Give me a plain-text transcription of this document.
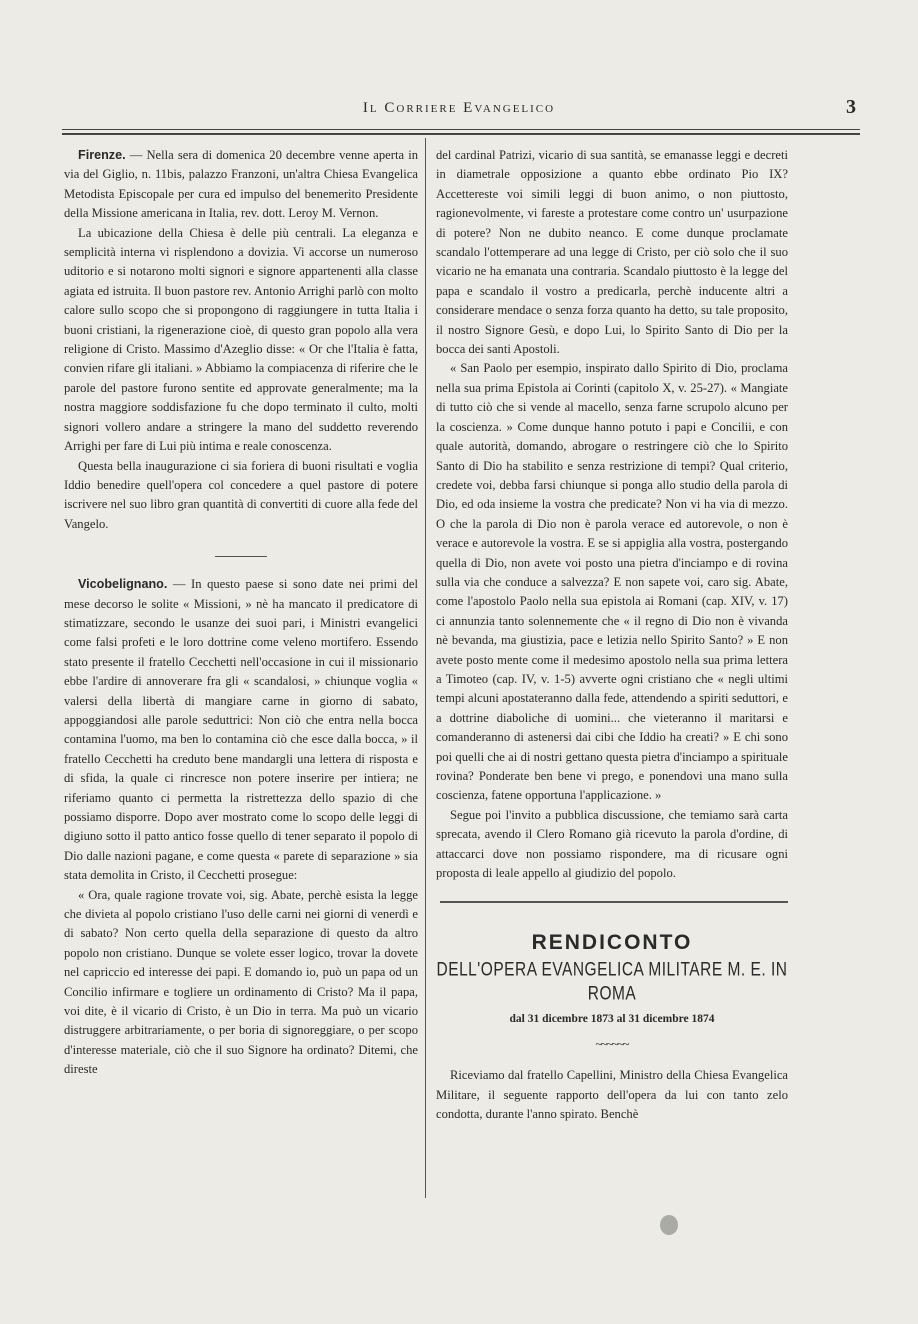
Il Corriere Evangelico	3

Firenze. — Nella sera di domenica 20 decembre venne aperta in via del Giglio, n. 11bis, palazzo Franzoni, un'altra Chiesa Evangelica Metodista Episcopale per cura ed impulso del benemerito Presidente della Missione americana in Italia, rev. dott. Leroy M. Vernon.

La ubicazione della Chiesa è delle più centrali. La eleganza e semplicità interna vi risplendono a dovizia. Vi accorse un numeroso uditorio e si notarono molti signori e signore appartenenti alla classe agiata ed istruita. Il buon pastore rev. Antonio Arrighi parlò con molto calore sullo scopo che si propongono di raggiungere in tutta Italia i buoni cristiani, la rigenerazione cioè, di questo gran popolo alla vera religione di Cristo. Massimo d'Azeglio disse: « Or che l'Italia è fatta, convien rifare gli italiani. » Abbiamo la compiacenza di riferire che le parole del pastore furono sentite ed approvate generalmente; ma la nostra maggiore soddisfazione fu che dopo terminato il culto, molti signori vollero andare a stringere la mano del suddetto reverendo Arrighi per fare di Lui più intima e reale conoscenza.

Questa bella inaugurazione ci sia foriera di buoni risultati e voglia Iddio benedire quell'opera col concedere a quel pastore di potere iscrivere nel suo libro gran quantità di convertiti di cuore alla fede del Vangelo.

Vicobelignano. — In questo paese si sono date nei primi del mese decorso le solite « Missioni, » nè ha mancato il predicatore di stimatizzare, secondo le usanze dei suoi pari, i Ministri evangelici come falsi profeti e le loro dottrine come veleno mortifero. Essendo stato presente il fratello Cecchetti nell'occasione in cui il missionario ebbe l'ardire di annoverare fra gli « scandalosi, » chiunque voglia « valersi della libertà di mangiare carne in giorno di sabato, appoggiandosi alle parole seduttrici: Non ciò che entra nella bocca contamina l'uomo, ma ben lo contamina ciò che esce dalla bocca, » il fratello Cecchetti ha creduto bene mandargli una lettera di risposta e di sfida, la quale ci rincresce non potere inserire per intiera; ne riferiamo quanto ci permetta la ristrettezza dello spazio di che possiamo disporre. Dopo aver mostrato come lo scopo delle leggi di digiuno sotto il patto antico fosse quello di tener separato il popolo di Dio dalle nazioni pagane, e come questa « parete di separazione » sia stata demolita in Cristo, il Cecchetti prosegue:

« Ora, quale ragione trovate voi, sig. Abate, perchè esista la legge che divieta al popolo cristiano l'uso delle carni nei giorni di venerdì e di sabato? Non certo quella della separazione di questo da altro popolo non cristiano. Dunque se volete esser logico, trovar la dovete nel capriccio ed interesse dei papi. E domando io, può un papa od un Concilio infirmare e togliere un ordinamento di Cristo? Ma il papa, voi dite, è il vicario di Cristo, è un Dio in terra. Ma può un vicario distruggere arbitrariamente, o per boria di signoreggiare, o per scopo d'interesse materiale, ciò che il suo Signore ha ordinato? Ditemi, che direste

del cardinal Patrizi, vicario di sua santità, se emanasse leggi e decreti in diametrale opposizione a quanto ebbe ordinato Pio IX? Accettereste voi simili leggi di buon animo, o non piuttosto, ragionevolmente, vi fareste a protestare come contro un' usurpazione di potere? Non ne dubito neanco. E come dunque proclamate scandalo l'ottemperare ad una legge di Cristo, per ciò solo che il suo vicario ne ha emanata una contraria. Scandalo piuttosto è la legge del papa e scandalo il vostro a predicarla, perchè inducente altri a considerare mendace o senza forza quanto ha detto, su tale proposito, il nostro Signore Gesù, e dopo Lui, lo Spirito Santo di Dio per la bocca dei santi Apostoli.

« San Paolo per esempio, inspirato dallo Spirito di Dio, proclama nella sua prima Epistola ai Corinti (capitolo X, v. 25-27). « Mangiate di tutto ciò che si vende al macello, senza farne scrupolo alcuno per la coscienza. » Come dunque hanno potuto i papi e Concilii, e con quale autorità, domando, abrogare o restringere ciò che lo Spirito Santo di Dio ha stabilito e senza restrizione di tempi? Qual criterio, credete voi, debba farsi chiunque si ponga allo studio della parola di Dio, ed oda insieme la vostra che predicate? Non vi ha via di mezzo. O che la parola di Dio non è parola verace ed autorevole, o non è verace e autorevole la vostra. E se si appiglia alla vostra, postergando quella di Dio, non avete voi posto una pietra d'inciampo e di rovina sulla via che conduce a salvezza? E non sapete voi, caro sig. Abate, come l'apostolo Paolo nella sua epistola ai Romani (cap. XIV, v. 17) ci annunzia tanto solennemente che « il regno di Dio non è vivanda nè bevanda, ma giustizia, pace e letizia nello Spirito Santo? » E non avete posto mente come il medesimo apostolo nella sua prima lettera a Timoteo (cap. IV, v. 1-5) avverte ogni cristiano che « negli ultimi tempi alcuni apostateranno dalla fede, attendendo a spiriti seduttori, e a dottrine diaboliche di uomini... che vieteranno il maritarsi e comanderanno di astenersi dai cibi che Iddio ha creati? » E chi sono poi quelli che ai di nostri gettano questa pietra d'inciampo a spirituale rovina? Ponderate ben bene vi prego, e ponendovi una mano sulla coscienza, fatene opportuna l'applicazione. »

Segue poi l'invito a pubblica discussione, che temiamo sarà carta sprecata, avendo il Clero Romano già ricevuto la parola d'ordine, di attaccarci dove non possiamo rispondere, ma di ricusare ogni proposta di leale appello al giudizio del popolo.

RENDICONTO
DELL'OPERA EVANGELICA MILITARE M. E. IN ROMA
dal 31 dicembre 1873 al 31 dicembre 1874
~~~~~~

Riceviamo dal fratello Capellini, Ministro della Chiesa Evangelica Militare, il seguente rapporto dell'opera da lui con tanto zelo condotta, durante l'anno spirato. Benchè
